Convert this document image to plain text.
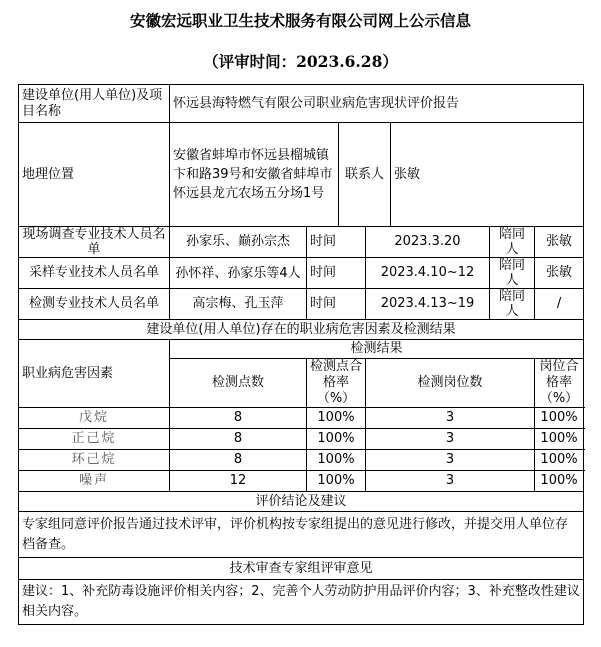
安徽宏远职业卫生技术服务有限公司网上公示信息
（评审时间：2023.6.28）
建设单位(用人单位)及项目名称	怀远县海特燃气有限公司职业病危害现状评价报告						
地理位置	安徽省蚌埠市怀远县榴城镇卞和路39号和安徽省蚌埠市怀远县龙亢农场五分场1号		联系人		张敏		
现场调查专业技术人员名单	孙家乐、巅孙宗杰	时间		2023.3.20		陪同人	张敏
采样专业技术人员名单	孙怀祥、孙家乐等4人	时间		2023.4.10~12		陪同人	张敏
检测专业技术人员名单	高宗梅、孔玉萍	时间		2023.4.13~19		陪同人	/
建设单位(用人单位)存在的职业病危害因素及检测结果							
职业病危害因素	检测结果						
	检测点数	检测点合格率（%）		检测岗位数			岗位合格率（%）
戊烷	8	100%		3			100%
正己烷	8	100%		3			100%
环己烷	8	100%		3			100%
噪声	12	100%		3			100%
评价结论及建议							
专家组同意评价报告通过技术评审，评价机构按专家组提出的意见进行修改，并提交用人单位存档备查。							
技术审查专家组评审意见							
建议：1、补充防毒设施评价相关内容；2、完善个人劳动防护用品评价内容；3、补充整改性建议相关内容。							
